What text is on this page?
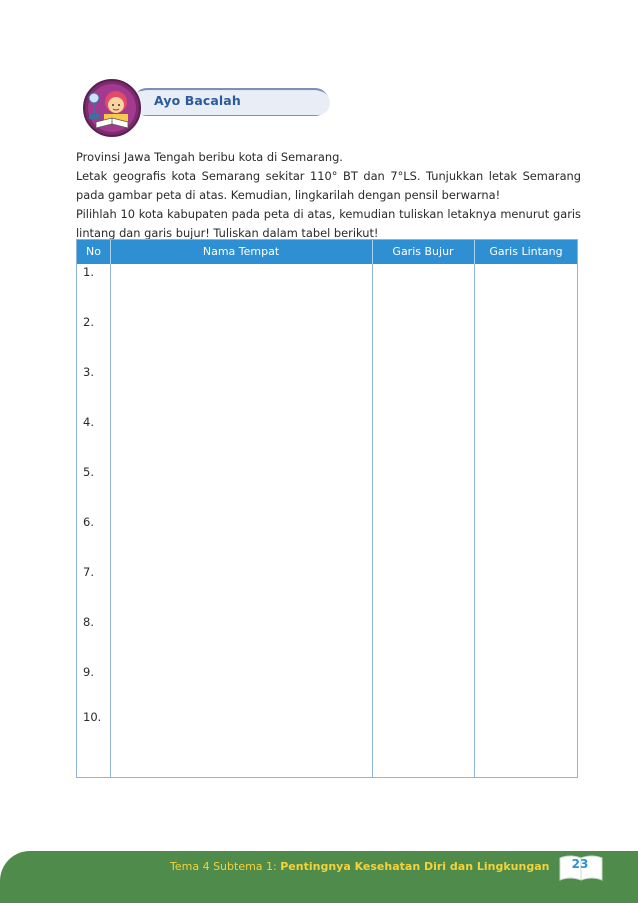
Ayo Bacalah

Provinsi Jawa Tengah beribu kota di Semarang.

Letak geografis kota Semarang sekitar 110° BT dan 7°LS. Tunjukkan letak Semarang pada gambar peta di atas. Kemudian, lingkarilah dengan pensil berwarna!

Pilihlah 10 kota kabupaten pada peta di atas, kemudian tuliskan letaknya menurut garis lintang dan garis bujur! Tuliskan dalam tabel berikut!

No	Nama Tempat	Garis Bujur	Garis Lintang
1.
2.
3.
4.
5.
6.
7.
8.
9.
10.
Tema 4 Subtema 1: Pentingnya Kesehatan Diri dan Lingkungan	23
